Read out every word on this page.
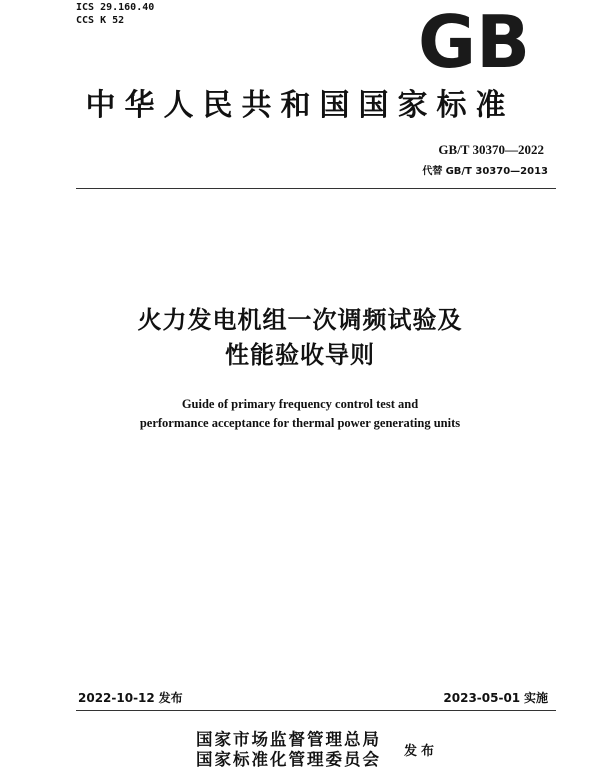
ICS 29.160.40
CCS K 52	GB
中华人民共和国国家标准
GB/T 30370—2022
代替 GB/T 30370—2013
火力发电机组一次调频试验及
性能验收导则
Guide of primary frequency control test and
performance acceptance for thermal power generating units
2022-10-12 发布	2023-05-01 实施
国家市场监督管理总局
国家标准化管理委员会 发布
